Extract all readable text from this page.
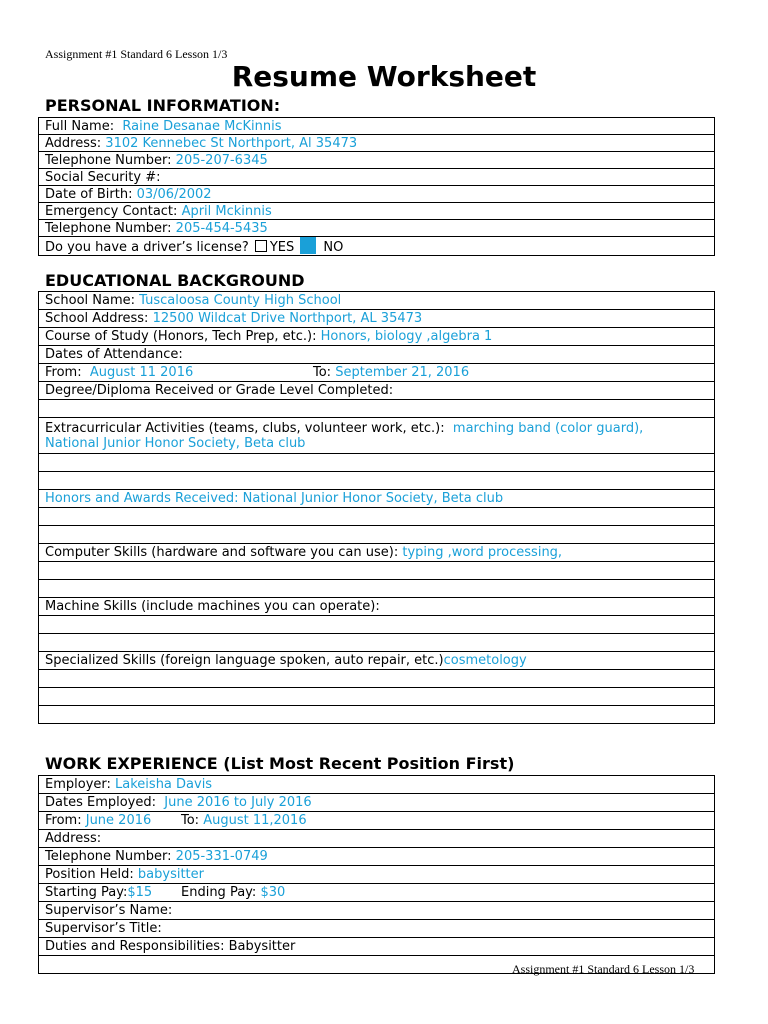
Assignment #1 Standard 6 Lesson 1/3
Resume Worksheet
PERSONAL INFORMATION:
Full Name: Raine Desanae McKinnis
Address: 3102 Kennebec St Northport, Al 35473
Telephone Number: 205-207-6345
Social Security #:
Date of Birth: 03/06/2002
Emergency Contact: April Mckinnis
Telephone Number: 205-454-5435
Do you have a driver’s license? YES NO
EDUCATIONAL BACKGROUND
School Name: Tuscaloosa County High School
School Address: 12500 Wildcat Drive Northport, AL 35473
Course of Study (Honors, Tech Prep, etc.): Honors, biology ,algebra 1
Dates of Attendance:
From: August 11 2016	To: September 21, 2016
Degree/Diploma Received or Grade Level Completed:

Extracurricular Activities (teams, clubs, volunteer work, etc.): marching band (color guard),
National Junior Honor Society, Beta club

Honors and Awards Received: National Junior Honor Society, Beta club

Computer Skills (hardware and software you can use): typing ,word processing,

Machine Skills (include machines you can operate):

Specialized Skills (foreign language spoken, auto repair, etc.)cosmetology

WORK EXPERIENCE (List Most Recent Position First)
Employer: Lakeisha Davis
Dates Employed: June 2016 to July 2016
From: June 2016 To: August 11,2016
Address:
Telephone Number: 205-331-0749
Position Held: babysitter
Starting Pay:$15 Ending Pay: $30
Supervisor’s Name:
Supervisor’s Title:
Duties and Responsibilities: Babysitter

Assignment #1 Standard 6 Lesson 1/3
